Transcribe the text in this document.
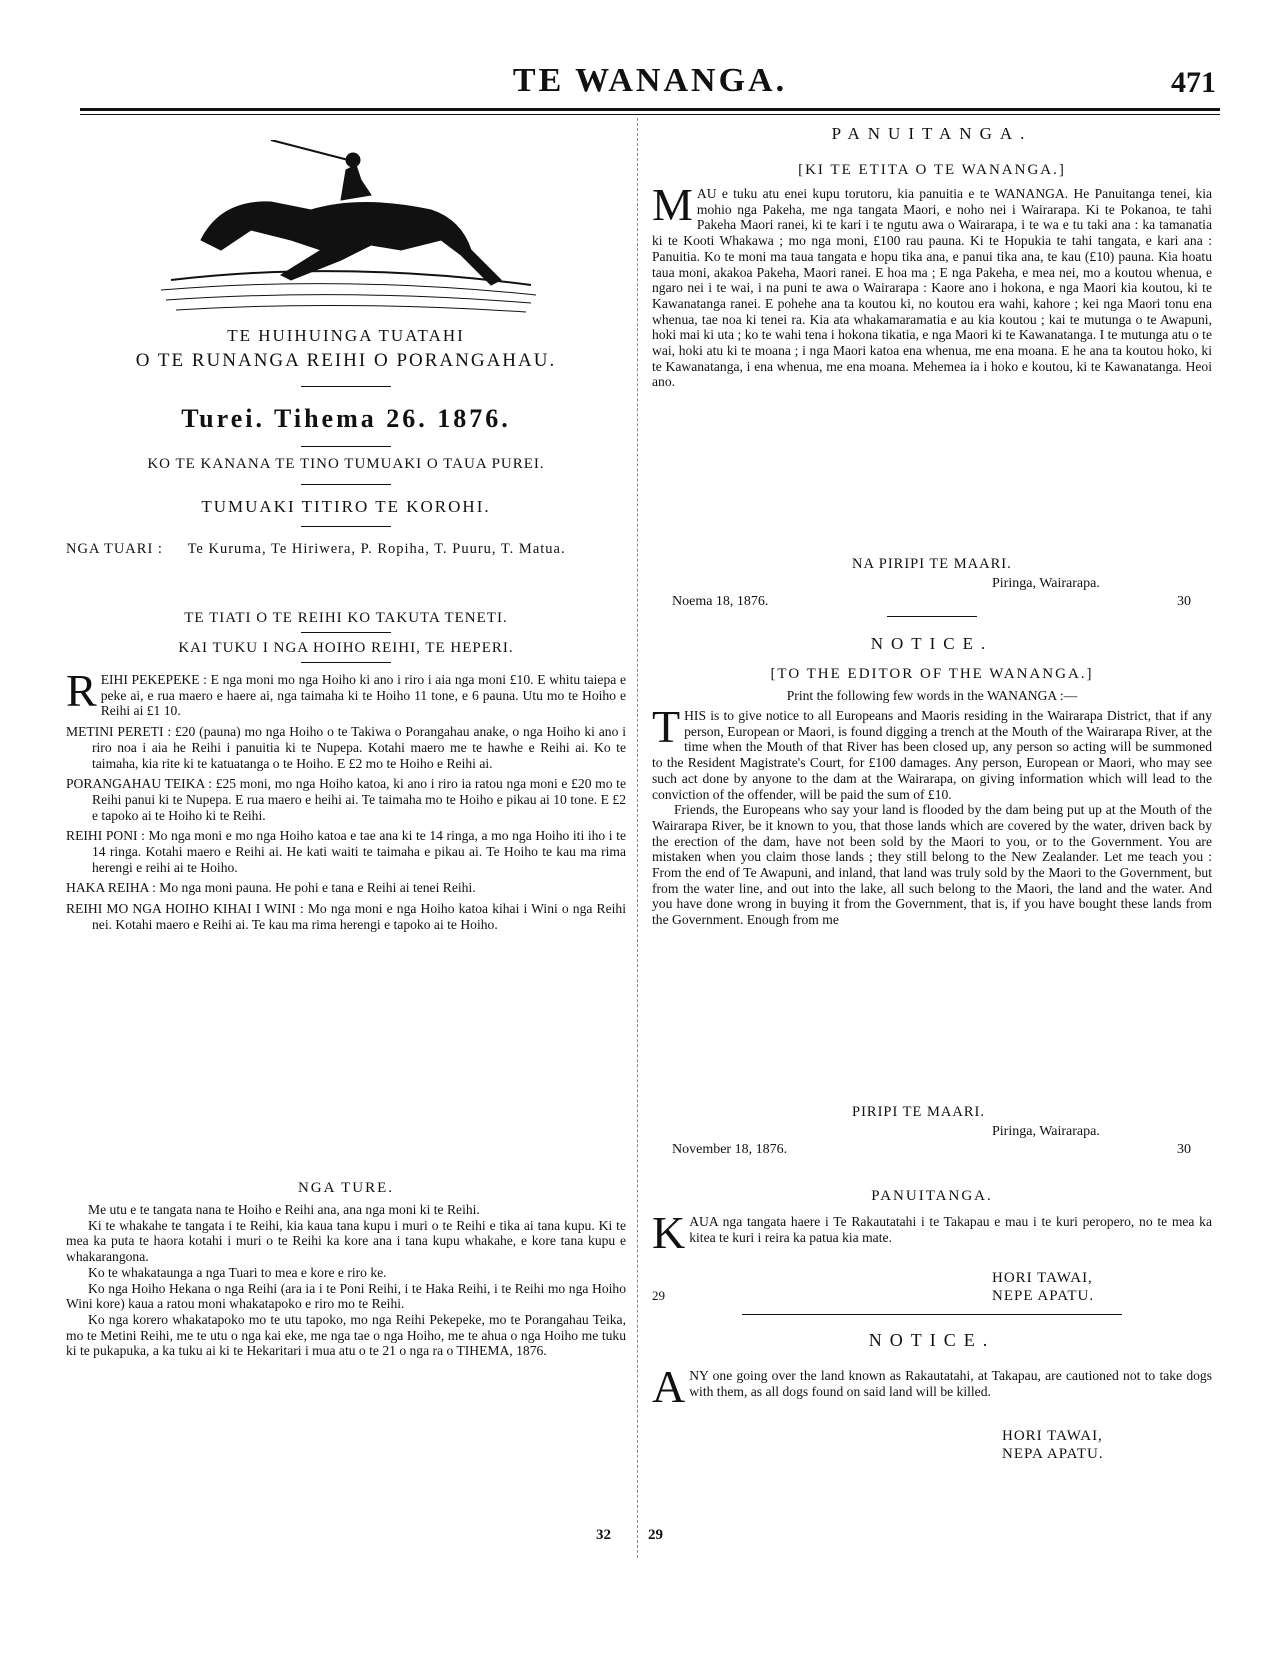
TE WANANGA.	471
TE HUIHUINGA TUATAHI
O TE RUNANGA REIHI O PORANGAHAU.
Turei. Tihema 26. 1876.
KO TE KANANA TE TINO TUMUAKI O TAUA PUREI.
TUMUAKI TITIRO TE KOROHI.
NGA TUARI : Te Kuruma, Te Hiriwera, P. Ropiha, T. Puuru, T. Matua.
TE TIATI O TE REIHI KO TAKUTA TENETI.
KAI TUKU I NGA HOIHO REIHI, TE HEPERI.

REIHI PEKEPEKE : E nga moni mo nga Hoiho ki ano i riro i aia nga moni £10. E whitu taiepa e peke ai, e rua maero e haere ai, nga taimaha ki te Hoiho 11 tone, e 6 pauna. Utu mo te Hoiho e Reihi ai £1 10.

METINI PERETI : £20 (pauna) mo nga Hoiho o te Takiwa o Porangahau anake, o nga Hoiho ki ano i riro noa i aia he Reihi i panuitia ki te Nupepa. Kotahi maero me te hawhe e Reihi ai. Ko te taimaha, kia rite ki te katuatanga o te Hoiho. E £2 mo te Hoiho e Reihi ai.

PORANGAHAU TEIKA : £25 moni, mo nga Hoiho katoa, ki ano i riro ia ratou nga moni e £20 mo te Reihi panui ki te Nupepa. E rua maero e heihi ai. Te taimaha mo te Hoiho e pikau ai 10 tone. E £2 e tapoko ai te Hoiho ki te Reihi.

REIHI PONI : Mo nga moni e mo nga Hoiho katoa e tae ana ki te 14 ringa, a mo nga Hoiho iti iho i te 14 ringa. Kotahi maero e Reihi ai. He kati waiti te taimaha e pikau ai. Te Hoiho te kau ma rima herengi e reihi ai te Hoiho.

HAKA REIHA : Mo nga moni pauna. He pohi e tana e Reihi ai tenei Reihi.

REIHI MO NGA HOIHO KIHAI I WINI : Mo nga moni e nga Hoiho katoa kihai i Wini o nga Reihi nei. Kotahi maero e Reihi ai. Te kau ma rima herengi e tapoko ai te Hoiho.

NGA TURE.

Me utu e te tangata nana te Hoiho e Reihi ana, ana nga moni ki te Reihi.

Ki te whakahe te tangata i te Reihi, kia kaua tana kupu i muri o te Reihi e tika ai tana kupu. Ki te mea ka puta te haora kotahi i muri o te Reihi ka kore ana i tana kupu whakahe, e kore tana kupu e whakarangona.

Ko te whakataunga a nga Tuari to mea e kore e riro ke.

Ko nga Hoiho Hekana o nga Reihi (ara ia i te Poni Reihi, i te Haka Reihi, i te Reihi mo nga Hoiho Wini kore) kaua a ratou moni whakatapoko e riro mo te Reihi.

Ko nga korero whakatapoko mo te utu tapoko, mo nga Reihi Pekepeke, mo te Porangahau Teika, mo te Metini Reihi, me te utu o nga kai eke, me nga tae o nga Hoiho, me te ahua o nga Hoiho me tuku ki te pukapuka, a ka tuku ai ki te Hekaritari i mua atu o te 21 o nga ra o TIHEMA, 1876.

32 29
PANUITANGA.
[KI TE ETITA O TE WANANGA.]
MAU e tuku atu enei kupu torutoru, kia panuitia e te WANANGA. He Panuitanga tenei, kia mohio nga Pakeha, me nga tangata Maori, e noho nei i Wairarapa. Ki te Pokanoa, te tahi Pakeha Maori ranei, ki te kari i te ngutu awa o Wairarapa, i te wa e tu taki ana : ka tamanatia ki te Kooti Whakawa ; mo nga moni, £100 rau pauna. Ki te Hopukia te tahi tangata, e kari ana : Panuitia. Ko te moni ma taua tangata e hopu tika ana, e panui tika ana, te kau (£10) pauna. Kia hoatu taua moni, akakoa Pakeha, Maori ranei. E hoa ma ; E nga Pakeha, e mea nei, mo a koutou whenua, e ngaro nei i te wai, i na puni te awa o Wairarapa : Kaore ano i hokona, e nga Maori kia koutou, ki te Kawanatanga ranei. E pohehe ana ta koutou ki, no koutou era wahi, kahore ; kei nga Maori tonu ena whenua, tae noa ki tenei ra. Kia ata whakamaramatia e au kia koutou ; kai te mutunga o te Awapuni, hoki mai ki uta ; ko te wahi tena i hokona tikatia, e nga Maori ki te Kawanatanga. I te mutunga atu o te wai, hoki atu ki te moana ; i nga Maori katoa ena whenua, me ena moana. E he ana ta koutou hoko, ki te Kawanatanga, i ena whenua, me ena moana. Mehemea ia i hoko e koutou, ki te Kawanatanga. Heoi ano.
NA PIRIPI TE MAARI.
Piringa, Wairarapa.
Noema 18, 1876.	30
NOTICE.
[TO THE EDITOR OF THE WANANGA.]
Print the following few words in the WANANGA :—

THIS is to give notice to all Europeans and Maoris residing in the Wairarapa District, that if any person, European or Maori, is found digging a trench at the Mouth of the Wairarapa River, at the time when the Mouth of that River has been closed up, any person so acting will be summoned to the Resident Magistrate's Court, for £100 damages. Any person, European or Maori, who may see such act done by anyone to the dam at the Wairarapa, on giving information which will lead to the conviction of the offender, will be paid the sum of £10.

Friends, the Europeans who say your land is flooded by the dam being put up at the Mouth of the Wairarapa River, be it known to you, that those lands which are covered by the water, driven back by the erection of the dam, have not been sold by the Maori to you, or to the Government. You are mistaken when you claim those lands ; they still belong to the New Zealander. Let me teach you : From the end of Te Awapuni, and inland, that land was truly sold by the Maori to the Government, but from the water line, and out into the lake, all such belong to the Maori, the land and the water. And you have done wrong in buying it from the Government, that is, if you have bought these lands from the Government. Enough from me

PIRIPI TE MAARI.
Piringa, Wairarapa.
November 18, 1876.	30
PANUITANGA.
KAUA nga tangata haere i Te Rakautatahi i te Takapau e mau i te kuri peropero, no te mea ka kitea te kuri i reira ka patua kia mate.
HORI TAWAI,
NEPE APATU.
29
NOTICE.
ANY one going over the land known as Rakautatahi, at Takapau, are cautioned not to take dogs with them, as all dogs found on said land will be killed.
HORI TAWAI,
NEPA APATU.
